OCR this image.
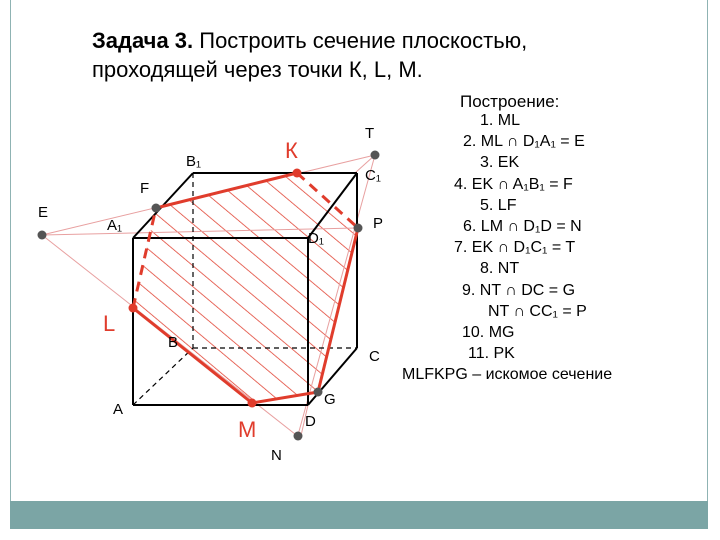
Задача 3. Построить сечение плоскостью,
проходящей через точки К, L, М.
Построение:
1. ML
2. ML ∩ D₁A₁ = E
3. EK
4. EK ∩ A₁B₁ = F
5. LF
6. LM ∩ D₁D = N
7. EK ∩ D₁C₁ = T
8. NT
9. NT ∩ DC = G
NT ∩ CC₁ = P
10. MG
11. PK
MLFKPG – искомое сечение
К
T
B₁
C₁
F
E
A₁
D₁
P
L
B
C
G
A
M	D
N
